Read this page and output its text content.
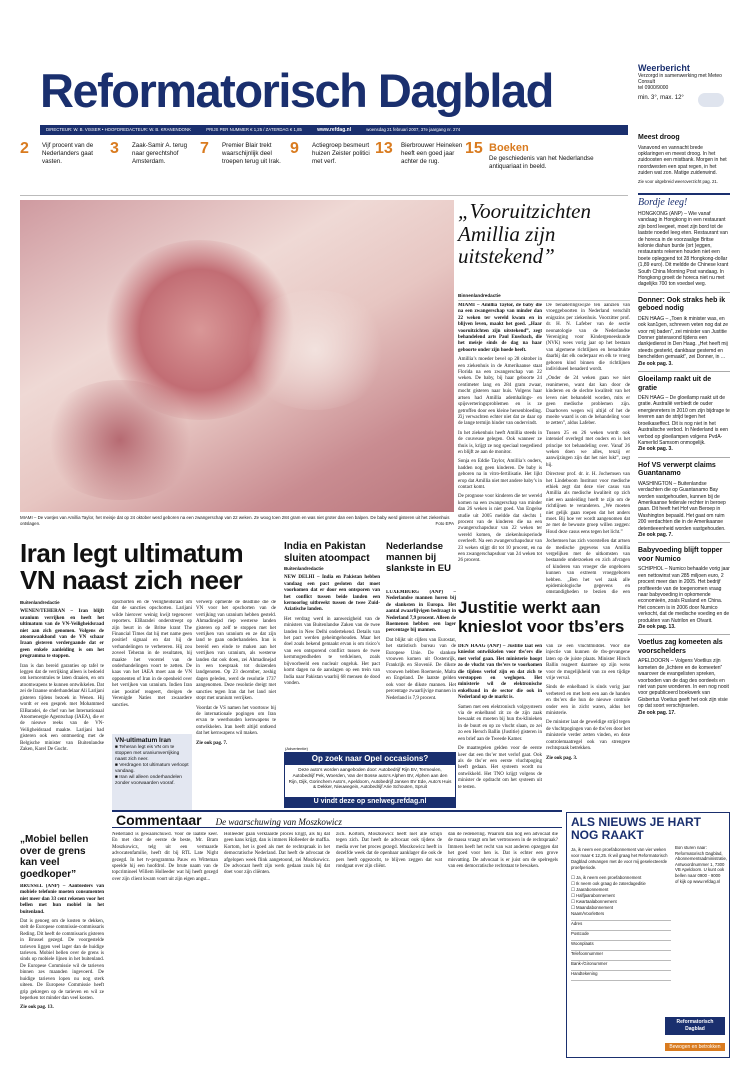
Reformatorisch Dagblad	Weerbericht
Verzorgd in samenwerking met Meteo Consult
tel 0900/9000
min. 3°, max. 12°
DIRECTEUR: W. B. VISSER • HOOFDREDACTEUR: W. B. KRANENDONK	PRIJS PER NUMMER € 1,25 / ZATERDAG € 1,85	www.refdag.nl	woensdag 21 februari 2007, 37e jaargang nr. 274
2 Vijf procent van de Nederlanders gaat vasten.
3 Zaak-Samir A. terug naar gerechtshof Amsterdam.
7 Premier Blair trekt waarschijnlijk deel troepen terug uit Irak.
9 Actiegroep besmeurt huizen Zeister politici met verf.
13 Bierbrouwer Heineken heeft een goed jaar achter de rug.
15 Boeken
De geschiedenis van het Nederlandse antiquariaat in beeld.
MIAMI – De voetjes van Amillia Taylor, het meisje dat op 24 oktober werd geboren na een zwangerschap van 22 weken. Ze woog toen 284 gram en was niet groter dan een balpen. De baby werd gisteren uit het ziekenhuis ontslagen.	Foto EPA
„Vooruitzichten Amillia zijn uitstekend”
Binnenlandredactie

MIAMI – Amillia Taylor, de baby die na een zwangerschap van minder dan 22 weken ter wereld kwam en in blijven leven, maakt het goed. „Haar vooruitzichten zijn uitstekend”, zegt behandelend arts Paul Eussbach, die het meisje sinds de dag na haar geboorte onder zijn hoede heeft.

Amillia’s moeder bevel op 28 oktober in een ziekenhuis in de Amerikaanse staat Florida na een zwangerschap van 22 weken. De baby, bij haar geboorte 24 centimeter lang en 284 gram zwaar, mocht gisteren naar huis. Volgens haar artsen had Amillia ademhalings- en spijsverteringsproblemen en is ze getroffen door een kleine hersenbloeding. Zij verwachten echter niet dat ze daar op de lange termijn hinder van ondervindt.

In het ziekenhuis heeft Amillia steeds in de couveuse gelegen. Ook wanneer ze thuis is, krijgt ze nog speciaal toegediend en blijft ze aan de monitor.

Sonja en Eddie Taylor, Amillia’s ouders, hadden nog geen kinderen. De baby is geboren na in vitro-fertilisatie. Het lijkt erop dat Amillia niet met andere baby’s in contact komt.

De prognose voor kinderen die ter wereld komen na een zwangerschap van minder dan 26 weken is niet goed. Van Engelse studie uit 2005 meldde dat slechts 1 procent van de kinderen die na een zwangerschapsduur van 22 weken ter wereld komen, de ziekenhuisperiode overleeft. Na een zwangerschapsduur van 23 weken stijgt dit tot 10 procent, en na een zwangerschapsduur van 24 weken tot 26 procent.

De benaderingswijze ten aanzien van vroeggeboorten in Nederland verschilt enigszins per ziekenhuis. Voorzitter prof. dr. H. N. Lafeber van de sectie neonatologie van de Nederlandse Vereniging voor Kindergeneeskunde (NVK) wees vorig jaar op het bestaan van algemene richtlijnen en benadrukte daarbij dat elk ouderpaar en elk te vroeg geboren kind binnen die richtlijnen individueel benaderd wordt.

„Onder de 24 weken gaan we niet reanimeren, want dat kan door de kinderen en de slechte kwaliteit van het leven niet behandeld worden, mits er geen medische problemen zijn. Daarboven wegen wij altijd of het de moeite waard is om de behandeling voor te zetten”, aldus Lafeber.

Tussen 25 en 26 weken wordt ook intensief overlegd met ouders en is het principe tot behandeling over. Vanaf 26 weken doen we alles, tenzij er aanwijzingen zijn dat het niet lukt”, zegt hij.

Directeur prof. dr. ir. H. Jochemsen van het Lindeboom Instituut voor medische ethiek zegt dat deze vier casus van Amillia als medische kwaliteit op zich niet een aanleiding hoeft te zijn om de richtlijnen te veranderen. „We moeten niet gelijk gaan roepen dat het anders moet. Bij hoe ver wordt aangenomen dat ze met de bewuste groep willen zeggen: Houd deze casus eens tegen het licht.”

Jochemsen has zich voorstellen dat artsen de medische gegevens van Amillia vergelijken met de uitkomsten van bestaande onderzoeken en zich afvragen of kinderen van vroeger die ongeboren kunnen van extreem vroeggeboren hebben. „Ben het wel zaak alle epidemiologische gegevens en omstandigheden te bezien die een

Justitie werkt aan knieslot voor tbs’ers

DEN HAAG (ANP) – Justitie laat een knieslot ontwikkelen voor tbs’ers die met verlof gaan. Het ministerie hoopt zo de vlucht van tbs’ers te voorkomen die tijdens verlof zijn en dat zich te verstoppen en weglopen. Het ministerie wil de elektronische enkelband in de sector die ook in Nederland op de markt is.

Samen met een elektronisch volgsysteem via de enkelband zit zo de zijn zaak bewaakt en moeten bij hun tbs-klinieken in de buurt en op zo vlucht slaan, zo zei zo een Hersch Ballin (Justitie) gisteren in een brief aan de Tweede Kamer.

De maatregelen gelden voor de eerste keer dat een tbs’er met verlof gaat. Ook als de tbs’er een eerste vluchtpoging heeft gedaan. Het systeem wordt nu ontwikkeld. Het TNO krijgt volgens de minister de opdracht om het systeem uit te testen.

van ze een vluchtmiddel. Voor die injectie van kunnen de tbs-gevangene laten op de juiste plaats. Minister Hirsch Ballin reageert daarmee op zijn wens voor de mogelijkheid van zo een tijdige vrije verval.

Sinds de enkelband is sinds vorig jaar verbeterd en met hem een aan de handen en tbs’ers die hun de nieuwe controle onder een in zicht waren, aldus het ministerie.

De minister laat de geweldige strijd tegen de vluchtpogingen van de tbs’ers door het ministerie verder zetten vinden, en deze controlemaatregel ook van strengere rechtspraak betrekken.

Zie ook pag. 3.

Iran legt ultimatum VN naast zich neer

Buitenlandredactie

WENEN/TEHERAN – Iran blijft uranium verrijken en heeft het ultimatum van de VN-Veiligheidsraad niet aan zich genomen. Volgens de atoomwaakhond van de VN schaar Iraan gisteren verdergaande dat er geen enkele aanleiding is om het programma te stoppen.

Iran is dan bereid garanties op tafel te leggen dat de verrijking alleen is bedoeld om kerncentrales te laten draaien, en om atoomwapens te kunnen ontwikkelen. Dat zei de Iraanse onderhandelaar Ali Larijani gisteren tijdens bezoek in Wenen. Hij wordt er een gesprek met Mohammed ElBaradei, de chef van het Internationaal Atoomenergie Agentschap (IAEA), die er de nieuwe reeks van de VN-Veiligheidsraad maakte. Larijani had gisteren ook een ontmoeting met de Belgische minister van Buitenlandse Zaken, Karel De Gucht.

opschorten en de Veiligheidsraad om dat de sancties opschorten. Larijani wilde hierover weinig kwijt tegenover reporters. ElBaradei onderstreept op zijn beurt in de Britse krant The Financial Times dat hij met name geen positief signaal en dat hij de verhandelingen te verbeteren. Hij zou zoveel Teheran in de resultaten, hij maakte het voorstel van de onderhandelingen voort te zetten. De kaas van het IAEA moet aan de VN opponenten of Iran in de openheid over het verrijken van uranium. Indien Iran niet positief reageert, dreigen de Verenigde Naties met zwaardere sancties.

verwerp opmente de deadline die de VN voor het opschorten van de verrijking van uranium hebben gesteld. Ahmadinejad riep westerse landen gisteren op zelf te stoppen met het verrijken van uranium en ze dat zijn land te gaan onderhandelen. Iran is bereid een einde te maken aan het verrijken van uranium, als westerse landen dat ook doen, zei Ahmadinejad in een toespraak tot duizenden landgenoten. Op 23 december, zeshig dagen geleden, werd de resolutie 1737 aangenomen. Deze resolutie dreigt met sancties tegen Iran dat het land niet stopt met uranium verrijken.

Voordat de VS namen het voortouw bij de internationale pogingen om Iran ervan te weerhouden kernwapens te ontwikkelen. Iran heeft altijd ontkend dat het kernwapens wil maken.

Zie ook pag. 7.

VN-ultimatum Iran
■ Teheran legt eis VN om te stoppen met uraniumverrijking naast zich neer.
■ Verdragen tot ultimatum verloopt vandaag.
■ Iran wil alleen onderhandelen zonder voorwaarden vooraf.
India en Pakistan sluiten atoompact

Buitenlandredactie

NEW DELHI – India en Pakistan hebben vandaag een pact gesloten dat moet voorkomen dat er door een ontsporen van het conflict tussen beide landen een kernoorlog uitbreekt tussen de twee Zuid-Aziatische landen.

Het verdrag werd in aanwezigheid van de ministers van Buitenlandse Zaken van de twee landen in New Delhi ondertekend. Details van het pact werden geheimgehouden. Maar het doel zoals bekend gemaakt ervan is om risico’s van een ontsporend conflict tussen de twee kernmogendheden te verkleinen, zoals bijvoorbeeld een nucleair ongeluk. Het pact komt dagen na de aanslagen op een trein van India naar Pakistan waarbij 68 mensen de dood vonden.

Nederlandse mannen bij slankste in EU

LUXEMBURG (ANP) – Nederlandse mannen horen bij de slanksten in Europa. Het aantal zwaarlijvigen bedraagt in Nederland 7,9 procent. Alleen de Roemenen hebben een lager percentage bij mannen.

Dat blijkt uit cijfers van Eurostat, het statistisch bureau van de Europese Unie. De slankste vrouwen komen uit Oostenrijk, Frankrijk en Slovenië. De dikste vrouwen hebben Roemenie, Malta en Engeland. De laatste gelden ook voor de dikste mannen. Het percentage zwaarlijvige mannen in Nederland is 7,9 procent.

(Advertentie)
Op zoek naar Opel occasions?
Deze auto’s worden aangeboden door: Autobedrijf Rijn BV, Termeulen, Autobedrijf Pek, Woerden, Van der Bosse auto’s Alphen BV, Alphen aan den Rijn, Dijk, Gorinchem Auto’s, Apeldoorn, Autobedrijf Jansen BV Ede, Auto’s Huis & Dekker, Nieuwegein, Autobedrijf Arie Schouten, Spruit
U vindt deze op snelweg.refdag.nl
„Mobiel bellen over de grens kan veel goedkoper”

BRUSSEL (ANP) – Aanbieders van mobiele telefonie moeten consumenten niet meer dan 33 cent rekenen voor het bellen met hun mobiel in het buitenland.

Dat is genoeg om de kosten te dekken, stelt de Europese commissie-commissaris Reding. Dit heeft de commissaris gisteren in Brussel gezegd. De voorgestelde tarieven liggen veel lager dan de huidige tarieven. Mobiel bellen over de grens is sinds op mobiele lijnen in het buitenland. De Europese Commissie wil de tarieven binnen zes maanden ingevoerd. De huidige tarieven lopen nu nog sterk uiteen. De Europese Commissie heeft grip gekregen op de tarieven en wil ze beperken tot minder dan veel kosten.

Zie ook pag. 13.

Commentaar De waarschuwing van Moszkowicz

Nederland is gewaarschuwd. Voor de laatste keer. En met door de eerste de beste, Mr. Bram Moszkowicz, telg uit een vermaarde advocatenfamilie, heeft dit bij RTL Late Night gezegd. In het tv-programma Pauw en Witteman speelde hij een hoofdrol. De brute naam van de topcrimineel Willem Holleeder wat hij heeft gezegd over zijn client kwam voort uit zijn eigen angst...

Holleeder gaan verklaarde proces krijgt, als hij dat geen kans krijgt, dan is immers Holleeder de maffia. Kortom, het is goed als met de rechtspraak in het democratische Nederland. Dat heeft de advocaat de afgelopen week flink aangetoond, zei Moszkowicz. De advocaat heeft zijn werk gedaan zoals hij dat doet voor zijn cliënten.

zich. Kortom, Moszkowicz heeft niet alle schijn tegen zich. Dat heeft de advocaat ook tijdens de media over het proces gezegd. Moszkowicz heeft in dezelfde week dat de openbaar aanklager die ook de pers heeft opgezocht, te blijven zeggen dat wat rondgaat over zijn cliënt.

dan de redenering. Waarom dan nog een advocaat die de massa vraagt om het vertrouwen in de rechtspraak? Immers heeft het recht van wat anderen opzeggen dat het goed voor hen is. Dat is echter een grove misvatting. De advocaat is er juist om de spelregels van een democratische rechtstaat te bewaken.

Meest droog
Vanavond en vannacht brede opklaringen en meest droog. In het zuidoosten een mistbank. Morgen in het noordwesten een spat regen, in het zuiden wat zon. Matige zuidenwind.
Zie voor uitgebreid weeroverzicht pag. 21.
Bordje leeg!
HONGKONG (ANP) – Wie vanaf vandaag in Hongkong in een restaurant zijn bord leegeet, moet zijn bord tot de laatste noedel leeg eten. Restaurant van de horeca in de voorzaalige Britse kolonie diahun burde (ort )eggen, restaurants rekenen houden niet een boete opleggend tot 28 Hongkong-dollar (1,89 euro). Dit meldde de Chinese krant South China Morning Post vandaag. In Hongkong groeit de horeca niet nu met dagelijks 700 ton voedsel weg.
Donner: Ook straks heb ik geboed nodig
DEN HAAG – „Toen ik minister was, en ook kan1gen, schreven veten nog dat ze voor mij baden”, zei minister van Justitie Donner gisteravond tijdens een dankjedienst in Den Haag. „Het heeft mij steeds gesterkt, dankbaar gestemd en benchelden gemaakt”, zei Donner, in ...
Zie ook pag. 3.
Gloeilamp raakt uit de gratie
DEN HAAG – De gloeilamp raakt uit de gratie. Australië verbiedt de ouder energievreters in 2010 om zijn bijdrage te leveren aan de strijd tegen het broeikaseffect. Dit is nog niet in het Australische verbod. In Nederland is een verbod op gloeilampen volgens PvdA-Kamerlid Samsom onmogelijk.
Zie ook pag. 3.
Hof VS verwerpt claims Guantanamo
WASHINGTON – Buitenlandse verdachten die op Guantanamo Bay worden vastgehouden, kunnen bij de Amerikaanse federale rechter in beroep gaan. Dit heeft het Hof van Beroep in Washington bepaald. Het gaat om ruim 200 verdachten die in de Amerikaanse detentieeenheid worden vastgehouden.
Zie ook pag. 7.
Babyvoeding blijft topper voor Numico
SCHIPHOL – Numico behaalde vorig jaar een nettowinst van 285 miljoen euro, 2 procent meer dan in 2005. Het bedrijf profiteerde van de toegenomen vraag naar babyvoeding in opkomende economieën, zoals Rusland en China. Het concern is in 2006 door Numico verkocht, dat de medische voeding en de produkten van Nutrilon en Olvarit.
Zie ook pag. 13.
Voetlus zag komeeten als voorschelders
APELDOORN – Volgens Voetlius zijn kometen de „lichtere en de komeeten” waarover de evangelisten spreken, voorboden van de dag des oordeels en niet van pure wonderen. In een nog nooit voor gepubliceerd boekwerk van Gisbertus Voetius geeft het ook zijn visie op dat soort verschijnselen.
Zie ook pag. 17.
ALS NIEUWS JE HART NOG RAAKT
Ja, ik neem een proefabonnement van vier weken voor maar € 12,25. Ik wil graag het Reformatorisch Dagblad ontvangen met de voor mij geselecteerde proefperiode.
Bon sturen naar: Reformatorisch Dagblad, Abonnementsadministratie, Antwoordnummer 1, 7300 VB Apeldoorn. U kunt ook bellen naar 0900 - 9000 of kijk op www.refdag.nl
☐ Ja, ik neem een proefabonnement
☐ Ik neem ook graag de zaterdageditie
☐ Jaarabonnement
☐ Halfjaarabonnement
☐ Kwartaalabonnement
☐ Maandabonnement
Naam/Voorletters
Adres
Postcode
Woonplaats
Telefoonnummer
Bank-/Gironummer
Handtekening
Reformatorisch Dagblad
Bewogen en betrokken
